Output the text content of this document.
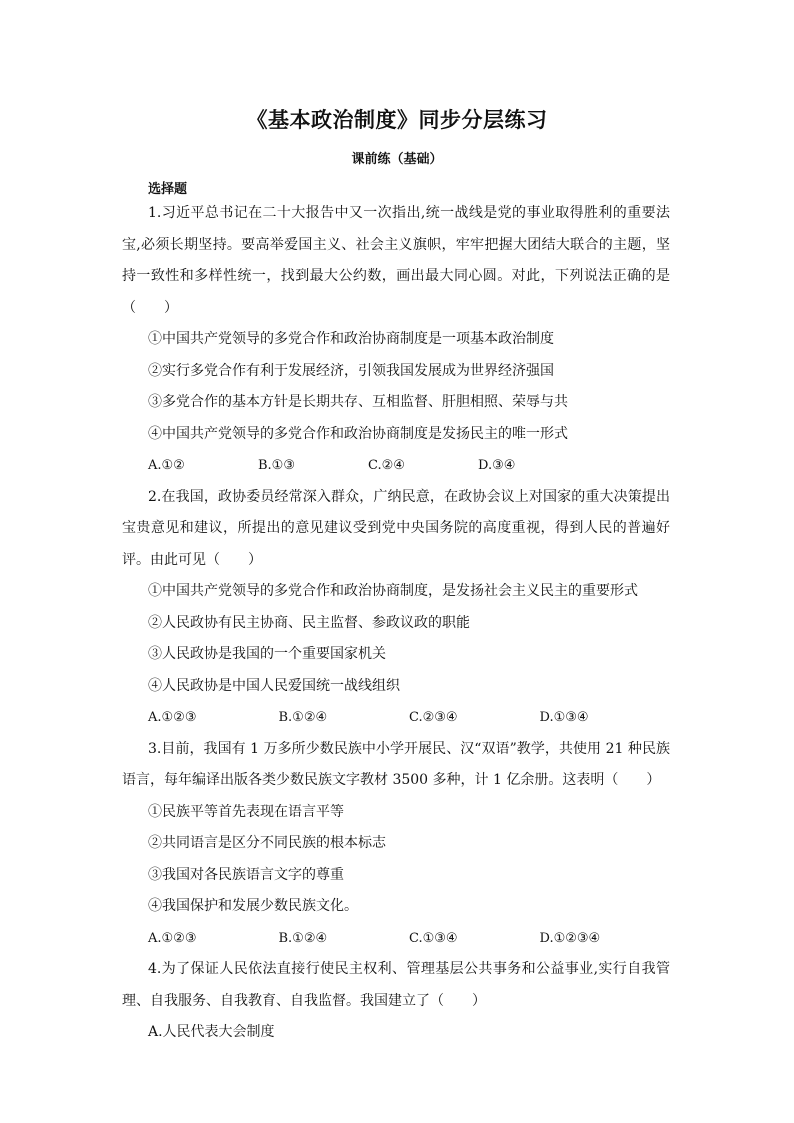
《基本政治制度》同步分层练习
课前练（基础）
选择题

1.习近平总书记在二十大报告中又一次指出,统一战线是党的事业取得胜利的重要法宝,必须长期坚持。要高举爱国主义、社会主义旗帜，牢牢把握大团结大联合的主题，坚持一致性和多样性统一，找到最大公约数，画出最大同心圆。对此，下列说法正确的是（　　）

①中国共产党领导的多党合作和政治协商制度是一项基本政治制度

②实行多党合作有利于发展经济，引领我国发展成为世界经济强国

③多党合作的基本方针是长期共存、互相监督、肝胆相照、荣辱与共

④中国共产党领导的多党合作和政治协商制度是发扬民主的唯一形式

A.①②	B.①③	C.②④	D.③④

2.在我国，政协委员经常深入群众，广纳民意，在政协会议上对国家的重大决策提出宝贵意见和建议，所提出的意见建议受到党中央国务院的高度重视，得到人民的普遍好评。由此可见（　　）

①中国共产党领导的多党合作和政治协商制度，是发扬社会主义民主的重要形式

②人民政协有民主协商、民主监督、参政议政的职能

③人民政协是我国的一个重要国家机关

④人民政协是中国人民爱国统一战线组织

A.①②③	B.①②④	C.②③④	D.①③④

3.目前，我国有 1 万多所少数民族中小学开展民、汉“双语”教学，共使用 21 种民族语言，每年编译出版各类少数民族文字教材 3500 多种，计 1 亿余册。这表明（　　）

①民族平等首先表现在语言平等

②共同语言是区分不同民族的根本标志

③我国对各民族语言文字的尊重

④我国保护和发展少数民族文化。

A.①②③	B.①②④	C.①③④	D.①②③④

4.为了保证人民依法直接行使民主权利、管理基层公共事务和公益事业,实行自我管理、自我服务、自我教育、自我监督。我国建立了（　　）

A.人民代表大会制度
